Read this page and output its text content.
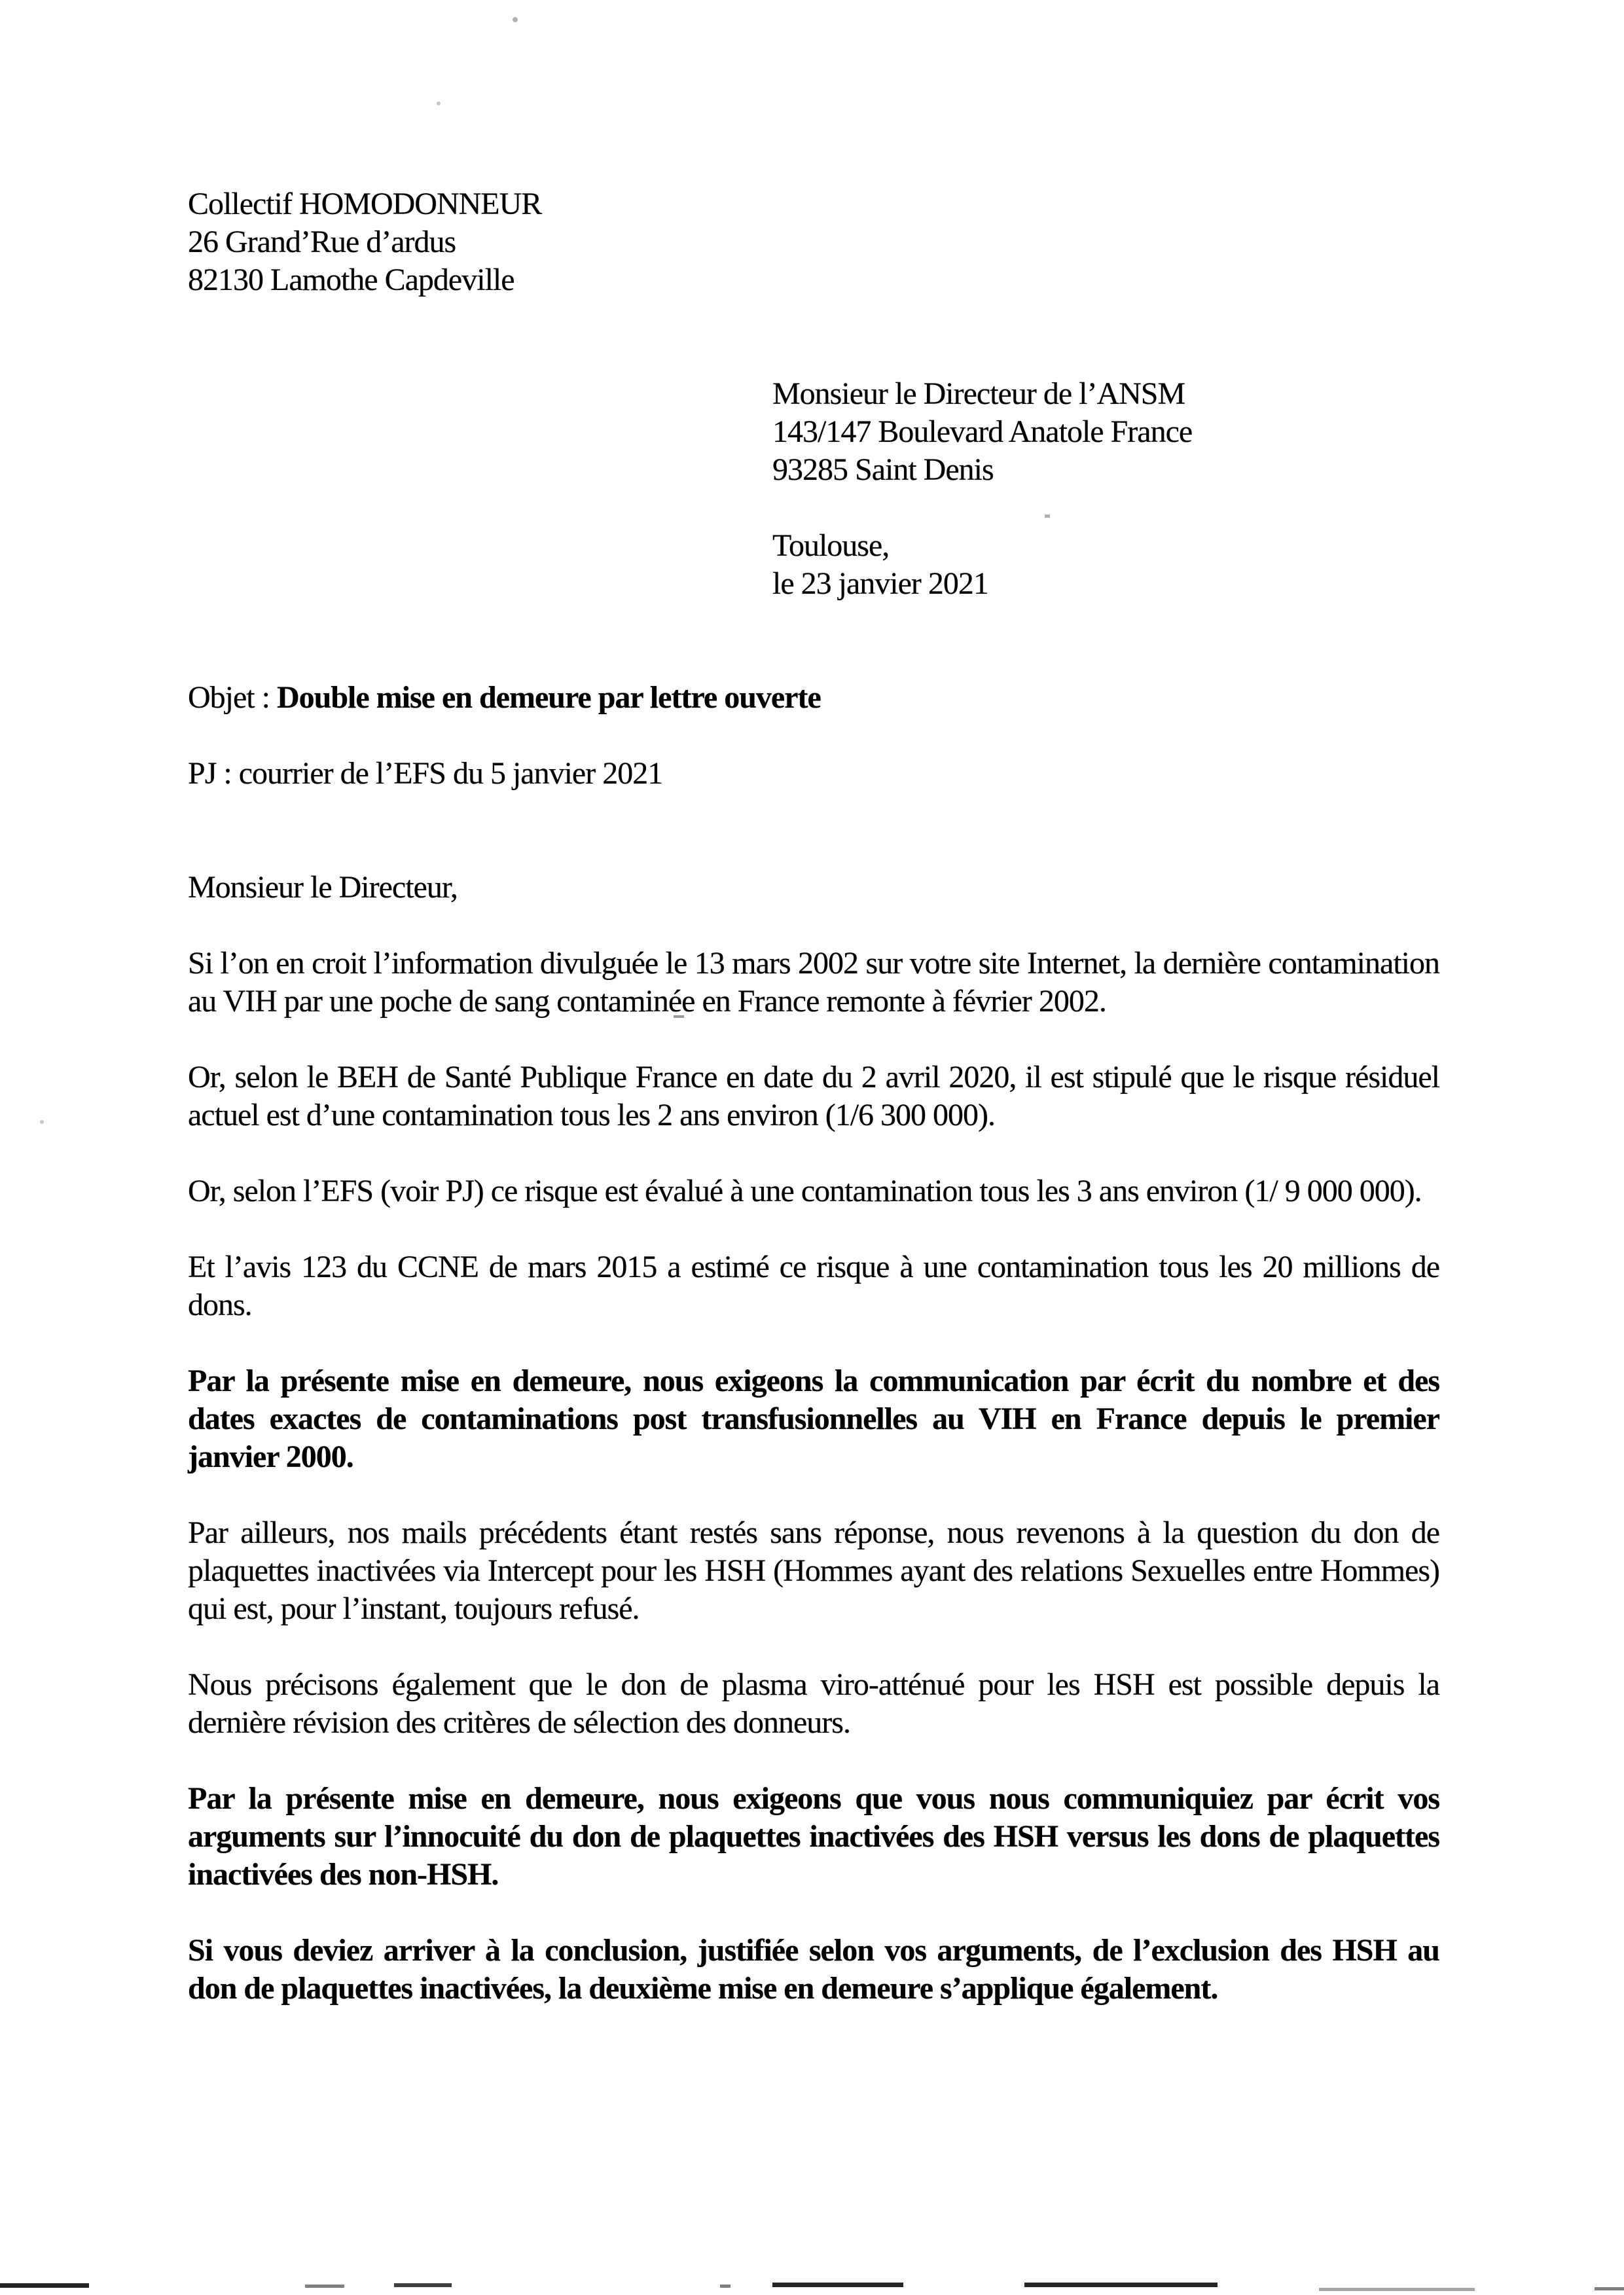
Collectif HOMODONNEUR

26 Grand’Rue d’ardus

82130 Lamothe Capdeville

Monsieur le Directeur de l’ANSM

143/147 Boulevard Anatole France

93285 Saint Denis

Toulouse,

le 23 janvier 2021

Objet : Double mise en demeure par lettre ouverte

PJ : courrier de l’EFS du 5 janvier 2021

Monsieur le Directeur,

Si l’on en croit l’information divulguée le 13 mars 2002 sur votre site Internet, la dernière contamination au VIH par une poche de sang contaminée en France remonte à février 2002.

Or, selon le BEH de Santé Publique France en date du 2 avril 2020, il est stipulé que le risque résiduel actuel est d’une contamination tous les 2 ans environ (1/6 300 000).

Or, selon l’EFS (voir PJ) ce risque est évalué à une contamination tous les 3 ans environ (1/ 9 000 000).

Et l’avis 123 du CCNE de mars 2015 a estimé ce risque à une contamination tous les 20 millions de dons.

Par la présente mise en demeure, nous exigeons la communication par écrit du nombre et des dates exactes de contaminations post transfusionnelles au VIH en France depuis le premier janvier 2000.

Par ailleurs, nos mails précédents étant restés sans réponse, nous revenons à la question du don de plaquettes inactivées via Intercept pour les HSH (Hommes ayant des relations Sexuelles entre Hommes) qui est, pour l’instant, toujours refusé.

Nous précisons également que le don de plasma viro-atténué pour les HSH est possible depuis la dernière révision des critères de sélection des donneurs.

Par la présente mise en demeure, nous exigeons que vous nous communiquiez par écrit vos arguments sur l’innocuité du don de plaquettes inactivées des HSH versus les dons de plaquettes inactivées des non-HSH.

Si vous deviez arriver à la conclusion, justifiée selon vos arguments, de l’exclusion des HSH au don de plaquettes inactivées, la deuxième mise en demeure s’applique également.
